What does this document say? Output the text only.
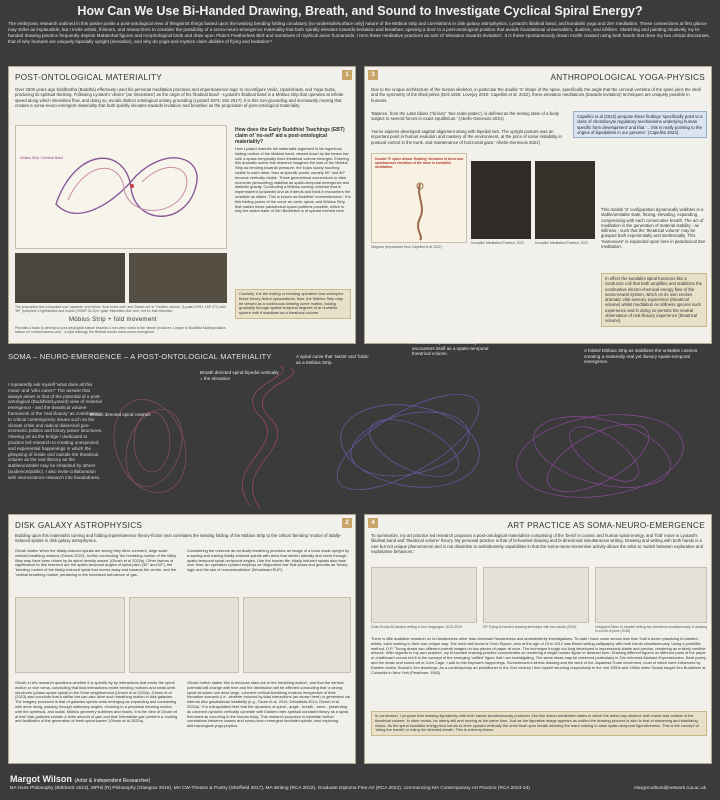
How Can We Use Bi-Handed Drawing, Breath, and Sound to Investigate Cyclical Spiral Energy?
The embryonic research outlined in this poster posits a post-ontological view of things/not things based upon the twisting bending folding circulatory [no-underside/surface only] nature of the Möbius strip and correlations in disk galaxy astrophysics, Lyotard's libidinal band, and kundalini yoga and Zen meditation. These connections at first glance may strike as implausible, but I invite artists, thinkers, and researchers to consider the possibility of a soma-neuro-emergence materiality that both spirally elevates towards levitation and breathes: opening a door to a post-ontological position that avoids foundational universalism, dualism, and nihilism. Sketching and painting intuitively my bi-handed drawing practice frequently depicts Mahārchal figures and morphological birds and draw upon Plato's Featherless Bird and narratives of mythical avian humanoids. I term these meditative practices as acts of 'elevation towards levitation'. It is these spontaneously drawn motifs created using both hands that drive my two critical discourses, that of why humans are uniquely bipedally upright (elevation), and why do yogis and mystics claim abilities of flying and levitation?
1
POST-ONTOLOGICAL MATERIALITY
Over 2500 years ago Siddhartha (Buddha) effectively used his personal meditation practices and impermanence logic to reconfigure Vedic, Upanishads, and Yoga Sutra, producing its spiritual thinking. Following Lyotard's 'desire' (as 'intensities') as the origin of his 'libidinal band' - Lyotard's libidinal band is a Möbius strip that operates at infinite speed along which intensities flow, and doing so, avoids distinct ontological unitary grounding (Lyotard 1974; Sim 2017). It is this non-grounding and incessantly moving that creates a soma-neuro-emergent materiality that both spirally elevates towards levitation and breathes as the proposition of post-ontological materiality.
Möbius Strip / Libidinal Band
The proposition ties composed now 'upwards' vein below. Soar holds over' and 'Drawn out' is 'Treatise volume'. (Lyotard 1993, 15P-271) with 'BP' (complete 4 lightnesses and moves (1993P 32-8) to 'gaze' intensifies flux' ever, not it's that reduction.
Möbius Strip + fold movement
Provides a basis to develop a post-ontological stance towards a 'non-view' which is the 'desire' produces. Unique to Buddhist Madhyamaka's stance on 'consciousness-only' - a rigid ontology, the libidinal band's soma-neuro-emergence.
How does the Early Buddhist Teachings (EBT) claim of 'no-self' aid a post-ontological materiality?
How Lyotard reaches his materialist argument is his ingenious folding motion of the libidinal band, viewed down by the tensor bar until a space-temporally fixed theatrical volume emerges. Entering this dramatic scene this research imagines the look of the Möbius Strip as bending towards pressure, the loops slowly touching visible to each other, then at specific points, namely 90° and 80° become vertically visible. These geometrical connections or stick moments (amounting) stabilise as spatio-temporal emergence and dialectic gravity. Concluding a Möbius curving universe that is impermanent (unstable) and as it bends and folds it encounters the unstable as stable. This is known as Buddhist 'momentariness'. It is this folding power of the curve as circle, spiral, and Möbius Strip that makes these paradoxical space-patterns possible, which is why the action base of Zen Buddhism is of special interest here.
Crucially, it is the folding or bending operation that underpins these theory-fiction speculations, thus, the Möbius Strip may be viewed as a continuous twisting curve motion, folding gradually through spatial temporal degrees of an invisible sphere until it stabilizes as a theatrical volume.
3	ANTHROPOLOGICAL YOGA-PHYSICS
Due to the unique architecture of the human skeleton, in particular the double 'S' shape of the spine, specifically the angle that the cervical vertebra of the spine joins the skull and the symmetry of the tilted pelvis (Deli 1925; Lovejoy 2010; Capellini et al. 2022), these elevation meditations (towards levitation) techniques are uniquely possible in humans.
'Balance, from the Latin bilanx ("bi-lanx" 'two scale-plates'), is defined as the resting state of a body subject to several forces in exact equilibrium.' (Abelin-Genevois 2021)
'Homo sapiens developed sagittal alignment along with bipedal ram. The upright posture was an important point in human evolution and mastery of the environment, at the price of some instability in postural control in the trunk, and maintenance of horizontal gaze.' Abelin-Genevois 2021)
Capellini et al (2022) propose these findings 'specifically point to a class of chondrocyte regulatory mechanisms underlying human specific form development' and that '... this is really pointing to the origins of bipedalism in our genome'. (Capellini 2022).
Double 'S' spine allows 'floating' elevation of torso and spontaneous elevation of the arms in kundalini meditation.
Diagram (reproduced from Capellini et al 2022)
Kundalini Meditation Practice, 2022	Kundalini Meditation Practice, 2022
This double 'S' configuration dynamically wobbles in a stable/unstable state, flexing, elevating, expanding, compressing with each consecutive breath. The act of meditation is the generation of material stability - as stillness - such that the 'theatrical volume' may be grasped both experientially and intellectually. This 'manoeuvre' is expanded upon here in paradoxical Zen meditation.
In effect the kundalini spiral functions like a conductor coil that both amplifies and stabilizes the combustive electro-chemical energy flow of the soma-neural system, which on its own excites dramatic vital sensory experience (theatrical volume) whilst meditation as stillness ignores such experience and in doing so permits the neutral observation of real illusory experience (theatrical volume).
SOMA – NEURO-EMERGENCE – A POST-ONTOLOGICAL MATERIALITY
I repeatedly ask myself 'what does all this mean' and 'who cares?' The answer that always arises is that of the potential of a post-ontological (Buddhist/Lyotard) view of material emergence - and the theatrical volume framework of the 'real illusory' as contributing to critical contemporary issues such as the climate crisis and radical dialectical geo-economic politics and binary power structures. Viewing art as the bridge / dedicated to practice led research to creating unexpected and experiential happenings in which the glimpsing of inside and outside the theatrical volume as the real illusory as the stable/unstable may be inhabited by others (audience/public). I also invite collaboration with neuroscience research into handedness.
Breath directed spiral cosmos
Breath directed spiral bipedal vertically = the elevation
A spiral curve that 'twists' and 'folds' as a Möbius Strip.
A Möbius Strip that momentarily encounters itself as a spatio-temporal theatrical volume.
A folded Möbius Strip as stabilizes the unstable cosmos, creating a materially real yet illusory spatio-temporal emergence.
2
DISK GALAXY ASTROPHYSICS
Building upon this materialist curving and folding impermanence theory-fiction next correlates the twisting folding of the Möbius Strip to the critical 'bending' motion of tidally-induced spirals in disk galaxy astrophysics.
Ghosh states 'when the tidally-induced spirals are strong they drive coherent, large scale vertical breathing motions (Ghosh 2022)', further concluding 'the breathing motion of the Milky Way may have been driven by its spiral density waves' (Ghosh et al 2022a). Other factors of significance to this research are the spatio-temporal angles of spiral pitch (30° and 60°), the 'bending' motion of the tidally-induced spiral that moves away and towards the centre, and the 'vertical breathing motion' pertaining to the increased turbulence of gas.
Considering the universe as vertically breathing provokes an image of a torso made upright by a waxing and waning tidally-induced spirals with arms that stretch laterally and move through spatio-temporal spiral-reciprocal angles. Like the human life, tidally-induced spirals also fade over time; an operation Lyotard employs as 'disjunctive bar' that slows and grounds as 'binary logic and the law of noncontradiction' (Woodward EUP).
Ghosh et al's research questions whether it is specific fly-by interactions that excite the spiral motion or vice versa, concluding that tidal interactions excite bending motions and small-shell structures (phase-space spiral) in the Solar neighborhood (Ghosh et al 2022a). Ghosh et al (2013) also conclude that a stellar bar can also drive such breathing motion in disk galaxies. The imagery produced is that of galaxies spirals arms emerging as expanding and contracting with arms rising, passing through stationary angles, churning in a perpetual bending motion until the spherical, and radial, Möbius geometry sublimes and reacts. It is the view of Ghosh et al that 'disk galaxies contain a finite amount of gas' and that 'interstellar gas' perform a 'cooling and facilitation of the generation of fresh spiral waves' (Ghosh et al 2022a).
Ghosh further states 'this is because stars are in the breathing motion', and that the vertical potential will change with time and the distribution will be affected concluding that 'a strong spiral structure can drive large, coherent vertical breathing motions irrespective of their formation scenario (i.e., whether induced by tidal interactions (as shown here) or generated via internal disc gravitational instability (e.g., Faure et al. 2014; Debattista 2014; Ghosh et al. 2022a).' It is extrapolated here that the dynamics of spiral - angle - breath - arms - presenting as coherent dynamic vertically correlate with Eastern inter-spiritual kundalini theory as a spiral theorised as occurring in the human body. This research proposes to establish further correlations between cosmic and soma-neuro emergent kundalini spirals, next exploring anthropological yoga-physics.
4	ART PRACTICE AS SOMA-NEURO-EMERGENCE
To summarize, my art practice led research proposes a post-ontological materialism comprising of the 'bend' in cosmic and human spiral energy, and 'fold' move in Lyotard's libidinal band and 'theatrical volume' theory. My personal practice is that of bi-handed drawing and bi-directional simultaneous writing. Drawing and writing with both hands is a rare but not unique phenomenon and is not dissimilar to ambidexterity capabilities in that the soma-neuro-immersive activity allows the artist to 'switch between explorative and exploitative behaviors.'
Chair Scuba Bi-handed writing in four languages, 2013-2023	DP Trying bi-handed drawing technique with two hands (2019)	Untapped Eikon bi-handed writing two directions simultaneously & drawing in a kind of pivot (2018)
There is little available research on bi-handedness other than dominant handedness and ambidexterity investigations. To date I have come across less than 'half a dozen practicing bi-handed artists, each working in their own unique way. The most well-know is Chen Siyuan, who at the age of 24 in 2012 was filmed writing calligraphy with both hands simultaneously. Using a pointillist method, D.P. 'Tuong draws two different portrait images on two pieces of paper at once. The technique though not long developed is impressively stable and precise, rendering an entirely credible artwork. With regards to my own practice, my bi-handed drawing practice concentrates on rendering a single human figure or abstract form. Drawing different figures on different parts of the paper or chalkboard occurs but it is the concept of the emerging 'unified' figure that I am investigating. The same ideas may be observed particularly in Zen informed Abstract Expressionism, Beat poetry, and the music and sound art of John Cage. I add to this Kaprow's happenings, Schneemann's kinetic drawing and the work of the Japanese Gutai movement, most of which were influenced by Eastern and/or Suzuki's Zen teachings. As a contemporary art practitioner in the 21st century I find myself returning respectively to the mid 1950s and 1960s when Suzuki taught Zen Buddhism at Columbia in New York (Pearlman: 1962).
In conclusion, I propose that drawing figuratively with both hands simultaneously produces Zen-like action-meditative states in which the artist may observe both inside and outside of the theatrical volume. In other words, be utterly still and moving at the same time. Just as the figurative image appears as unified the drawing process is akin to that of streaming and stabilizing chaos. As the spiral kundalini energy flow bends to drive upward vertically the arms float upon breath allowing the mark making to arise spatio-temporal figurativeness. This is the concept of 'riding the breath' or riding the directed-breath. This is a theory-fiction.
Margot Wilson (Artist & Independent Researcher)
BA Hons Philosophy (Birkbeck 2013), MPhil (R) Philosophy (Glasgow 2016), MA CW-Theatre & Poetry (Sheffield 2017), MA Writing (RCA 2022), Graduate Diploma Fine Art (RCA 2023), commencing MA Contemporary Art Practice (RCA 2023-24)	margot.wilson@network.rca.ac.uk
